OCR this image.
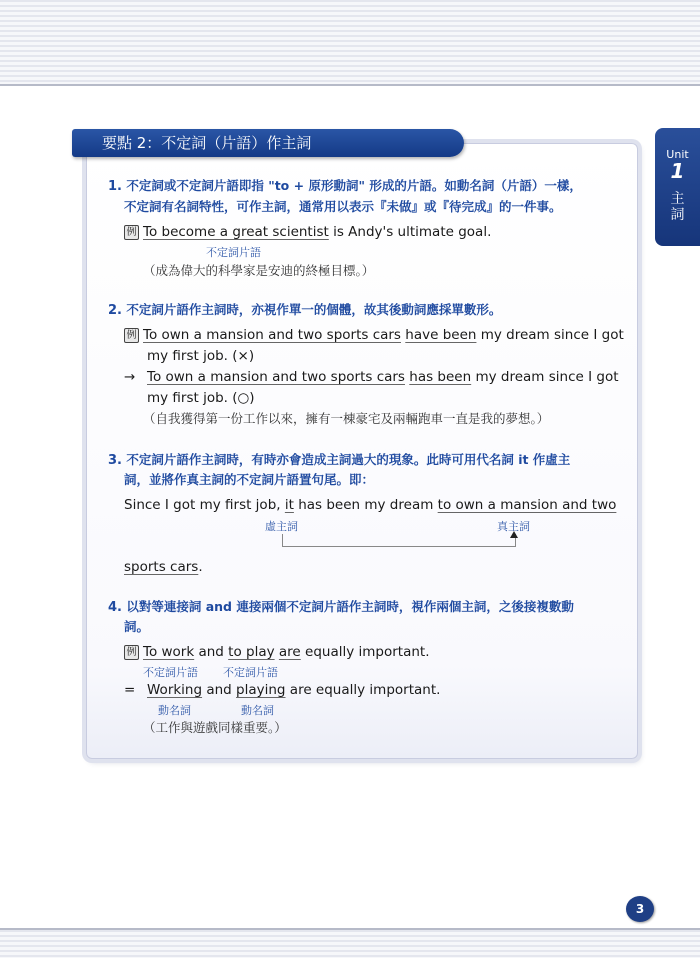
Unit
1
主詞
要點 2：不定詞（片語）作主詞
1. 不定詞或不定詞片語即指 "to + 原形動詞" 形成的片語。如動名詞（片語）一樣，
不定詞有名詞特性，可作主詞，通常用以表示『未做』或『待完成』的一件事。
例 To become a great scientist is Andy's ultimate goal.
不定詞片語
（成為偉大的科學家是安迪的終極目標。）
2. 不定詞片語作主詞時，亦視作單一的個體，故其後動詞應採單數形。
例 To own a mansion and two sports cars have been my dream since I got
my first job. (×)
→ To own a mansion and two sports cars has been my dream since I got
my first job. (○)
（自我獲得第一份工作以來，擁有一棟豪宅及兩輛跑車一直是我的夢想。）
3. 不定詞片語作主詞時，有時亦會造成主詞過大的現象。此時可用代名詞 it 作虛主
詞，並將作真主詞的不定詞片語置句尾。即：
Since I got my first job, it has been my dream to own a mansion and two
虛主詞	真主詞
sports cars.
4. 以對等連接詞 and 連接兩個不定詞片語作主詞時，視作兩個主詞，之後接複數動
詞。
例 To work and to play are equally important.
不定詞片語 不定詞片語
= Working and playing are equally important.
動名詞	動名詞
（工作與遊戲同樣重要。）
3
